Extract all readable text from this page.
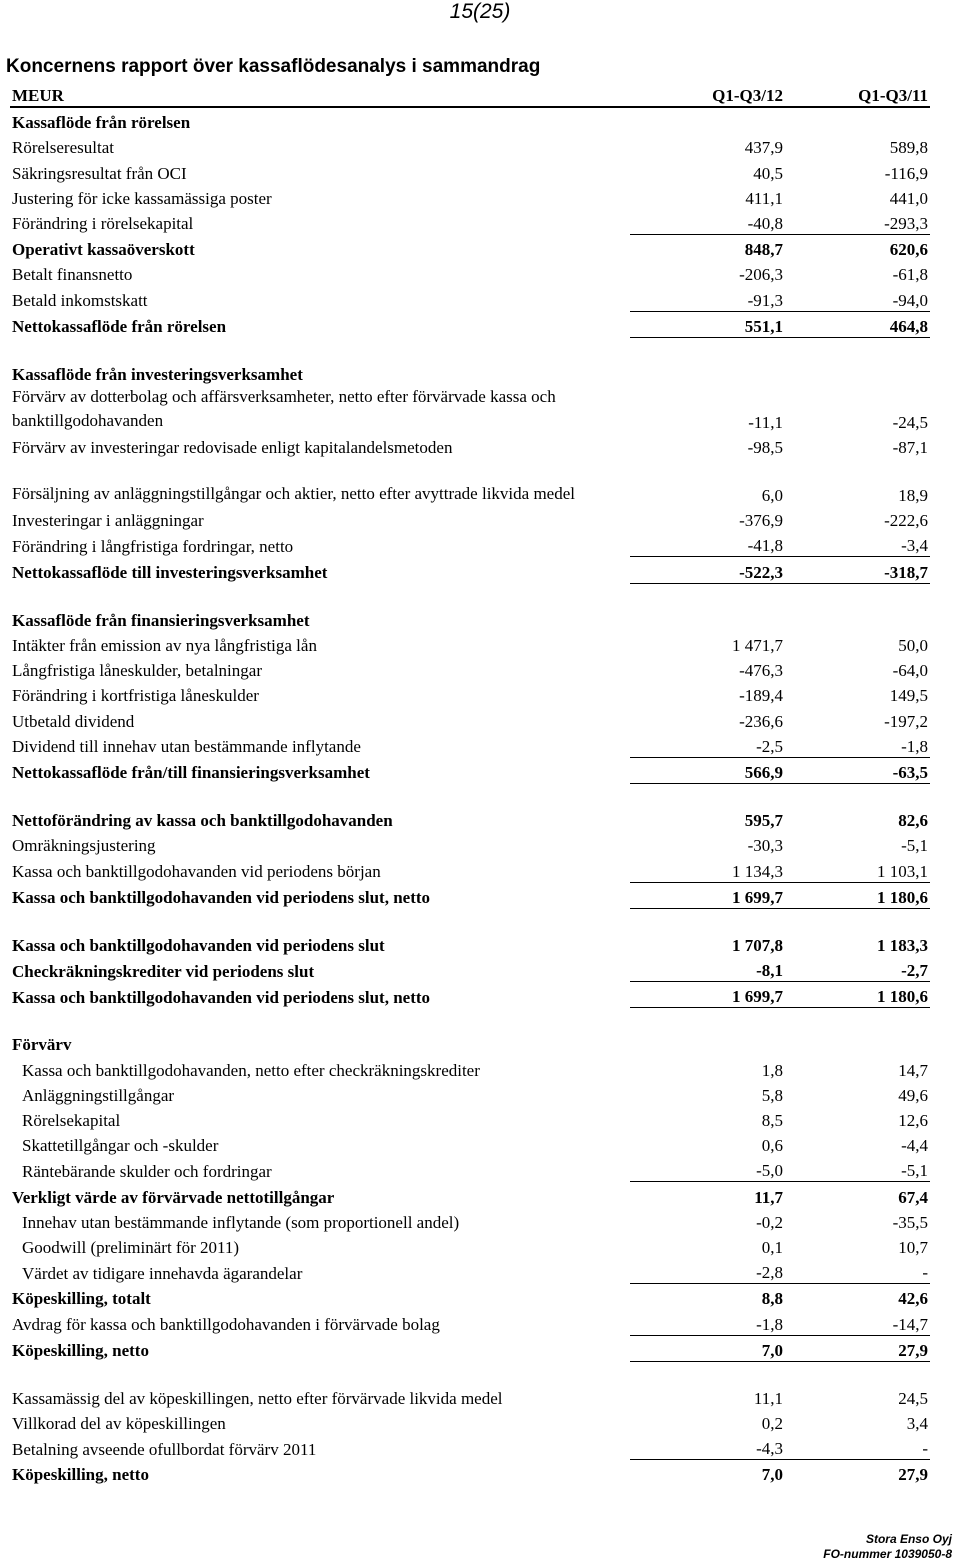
15(25)
Koncernens rapport över kassaflödesanalys i sammandrag
MEUR	Q1-Q3/12	Q1-Q3/11
Kassaflöde från rörelsen		
Rörelseresultat	437,9	589,8
Säkringsresultat från OCI	40,5	-116,9
Justering för icke kassamässiga poster	411,1	441,0
Förändring i rörelsekapital	-40,8	-293,3
Operativt kassaöverskott	848,7	620,6
Betalt finansnetto	-206,3	-61,8
Betald inkomstskatt	-91,3	-94,0
Nettokassaflöde från rörelsen	551,1	464,8

Kassaflöde från investeringsverksamhet		
Förvärv av dotterbolag och affärsverksamheter, netto efter förvärvade kassa och banktillgodohavanden	-11,1	-24,5
Förvärv av investeringar redovisade enligt kapitalandelsmetoden	-98,5	-87,1
Försäljning av anläggningstillgångar och aktier, netto efter avyttrade likvida medel	6,0	18,9
Investeringar i anläggningar	-376,9	-222,6
Förändring i långfristiga fordringar, netto	-41,8	-3,4
Nettokassaflöde till investeringsverksamhet	-522,3	-318,7

Kassaflöde från finansieringsverksamhet		
Intäkter från emission av nya långfristiga lån	1 471,7	50,0
Långfristiga låneskulder, betalningar	-476,3	-64,0
Förändring i kortfristiga låneskulder	-189,4	149,5
Utbetald dividend	-236,6	-197,2
Dividend till innehav utan bestämmande inflytande	-2,5	-1,8
Nettokassaflöde från/till finansieringsverksamhet	566,9	-63,5

Nettoförändring av kassa och banktillgodohavanden	595,7	82,6
Omräkningsjustering	-30,3	-5,1
Kassa och banktillgodohavanden vid periodens början	1 134,3	1 103,1
Kassa och banktillgodohavanden vid periodens slut, netto	1 699,7	1 180,6

Kassa och banktillgodohavanden vid periodens slut	1 707,8	1 183,3
Checkräkningskrediter vid periodens slut	-8,1	-2,7
Kassa och banktillgodohavanden vid periodens slut, netto	1 699,7	1 180,6

Förvärv		
Kassa och banktillgodohavanden, netto efter checkräkningskrediter	1,8	14,7
Anläggningstillgångar	5,8	49,6
Rörelsekapital	8,5	12,6
Skattetillgångar och -skulder	0,6	-4,4
Räntebärande skulder och fordringar	-5,0	-5,1
Verkligt värde av förvärvade nettotillgångar	11,7	67,4
Innehav utan bestämmande inflytande (som proportionell andel)	-0,2	-35,5
Goodwill (preliminärt för 2011)	0,1	10,7
Värdet av tidigare innehavda ägarandelar	-2,8	-
Köpeskilling, totalt	8,8	42,6
Avdrag för kassa och banktillgodohavanden i förvärvade bolag	-1,8	-14,7
Köpeskilling, netto	7,0	27,9

Kassamässig del av köpeskillingen, netto efter förvärvade likvida medel	11,1	24,5
Villkorad del av köpeskillingen	0,2	3,4
Betalning avseende ofullbordat förvärv 2011	-4,3	-
Köpeskilling, netto	7,0	27,9
Stora Enso Oyj
FO-nummer 1039050-8
